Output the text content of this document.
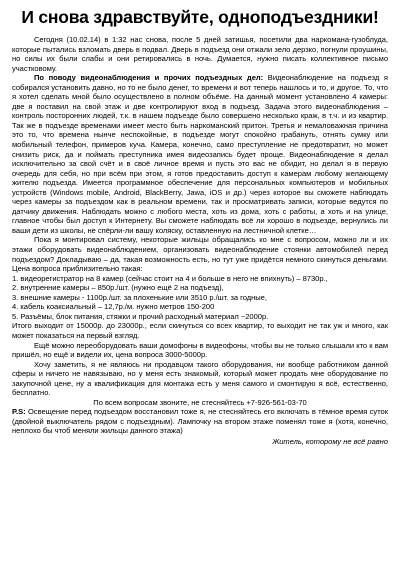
И снова здравствуйте, одноподъездники!

Сегодня (10.02.14) в 1:32 нас снова, после 5 дней затишья, посетили два наркомана-гузоблуда, которые пытались взломать дверь в подвал. Дверь в подъезд они отжали зело дерзко, погнули проушины, но силы их были слабы и они ретировались в ночь. Думается, нужно писать коллективное письмо участковому.

По поводу видеонаблюдения и прочих подъездных дел: Видеонаблюдение на подъезд я собирался установить давно, но то не было денег, то времени и вот теперь нашлось и то, и другое. То, что я хотел сделать мной было осуществлено в полном объёме. На данный момент установлено 4 камеры: две я поставил на свой этаж и две контролируют вход в подъезд. Задача этого видеонаблюдения – контроль посторонних людей, т.к. в нашем подъезде было совершено несколько краж, в т.ч. и из квартир. Так же в подъезде временами имеет место быть наркоманский притон. Третья и немаловажная причина это то, что времена нынче неспокойные, в подъезде могут спокойно грабануть, отнять сумку или мобильный телефон, примеров куча. Камера, конечно, само преступление не предотвратит, но может снизить риск, да и поймать преступника имея видеозапись будет проще. Видеонаблюдение я делал исключительно за свой счёт и в своё личное время и пусть это вас не обидит, но делал я в первую очередь для себя, но при всём при этом, я готов предоставить доступ к камерам любому желающему жителю подъезда. Имеется программное обеспечение для персональных компьютеров и мобильных устройств (Windows mobile, Android, BlackBerry, Jawa, iOS и др.) через которое вы сможете наблюдать через камеры за подъездом как в реальном времени, так и просматривать записи, которые ведутся по датчику движения. Наблюдать можно с любого места, хоть из дома, хоть с работы, а хоть и на улице, главное чтобы был доступ к Интернету. Вы сможете наблюдать всё ли хорошо в подъезде, вернулись ли ваши дети из школы, не спёрли-ли вашу коляску, оставленную на лестничной клетке…

Пока я монтировал систему, некоторые жильцы обращались ко мне с вопросом, можно ли и их этажи оборудовать видеонаблюдением, организовать видеонаблюдение стоянки автомобилей перед подъездом? Докладываю – да, такая возможность есть, но тут уже придётся немного скинуться деньгами. Цена вопроса приблизительно такая:

1. видеорегистратор на 8 камер (сейчас стоит на 4 и больше в него не впихнуть) – 8730р.,

2. внутренние камеры – 850р./шт. (нужно ещё 2 на подъезд),

3. внешние камеры - 1100р./шт. за плохенькие или 3510 р./шт. за годные,

4. кабель коаксиальный – 12,7р./м. нужно метров 150-200

5. Разъёмы, блок питания, стяжки и прочий расходный материал ~2000р.

Итого выходит от 15000р. до 23000р., если скинуться со всех квартир, то выходит не так уж и много, как может показаться на первый взгляд.

Ещё можно переоборудовать ваши домофоны в видеофоны, чтобы вы не только слышали кто к вам пришёл, но ещё и видели их, цена вопроса 3000-5000р.

Хочу заметить, я не являюсь ни продавцом такого оборудования, ни вообще работником данной сферы и ничего не навязываю, но у меня есть знакомый, который может продать мне оборудование по закупочной цене, ну а квалификация для монтажа есть у меня самого и смонтирую я всё, естественно, бесплатно.

По всем вопросам звоните, не стесняйтесь +7-926-561-03-70

P.S: Освещение перед подъездом восстановил тоже я, не стесняйтесь его включать в тёмное время суток (двойной выключатель рядом с подъездным). Лампочку на втором этаже поменял тоже я (хотя, конечно, неплохо бы чтоб меняли жильцы данного этажа)

Житель, которому не всё равно
